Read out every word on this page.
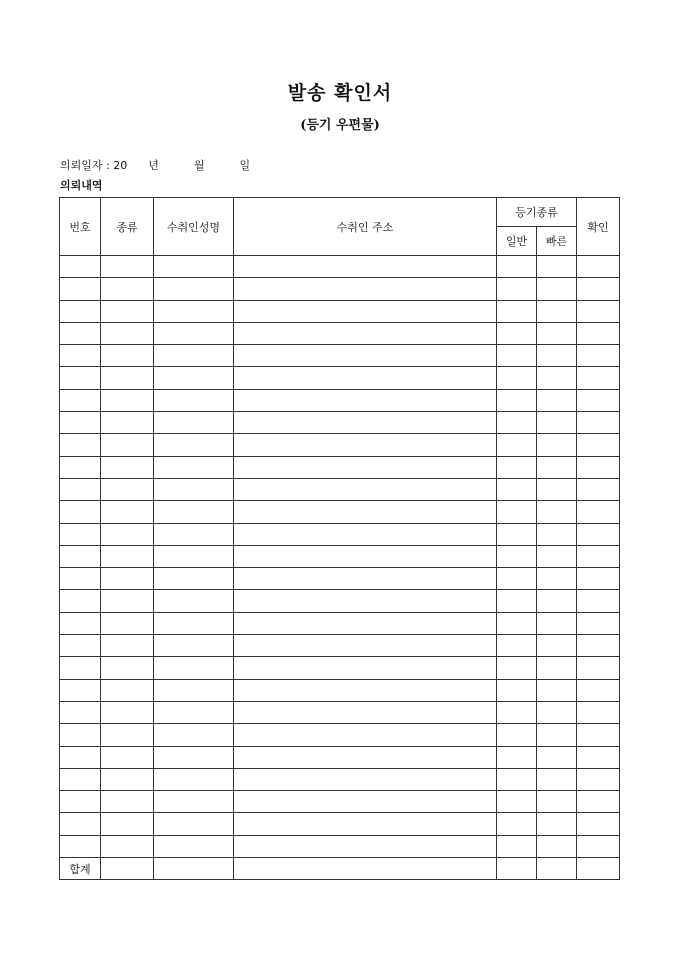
발송 확인서
(등기 우편물)
의뢰일자 : 20 년	월	일
의뢰내역
번호	종류	수취인성명	수취인 주소	등기종류		확인
				일반	빠른	

합계						
